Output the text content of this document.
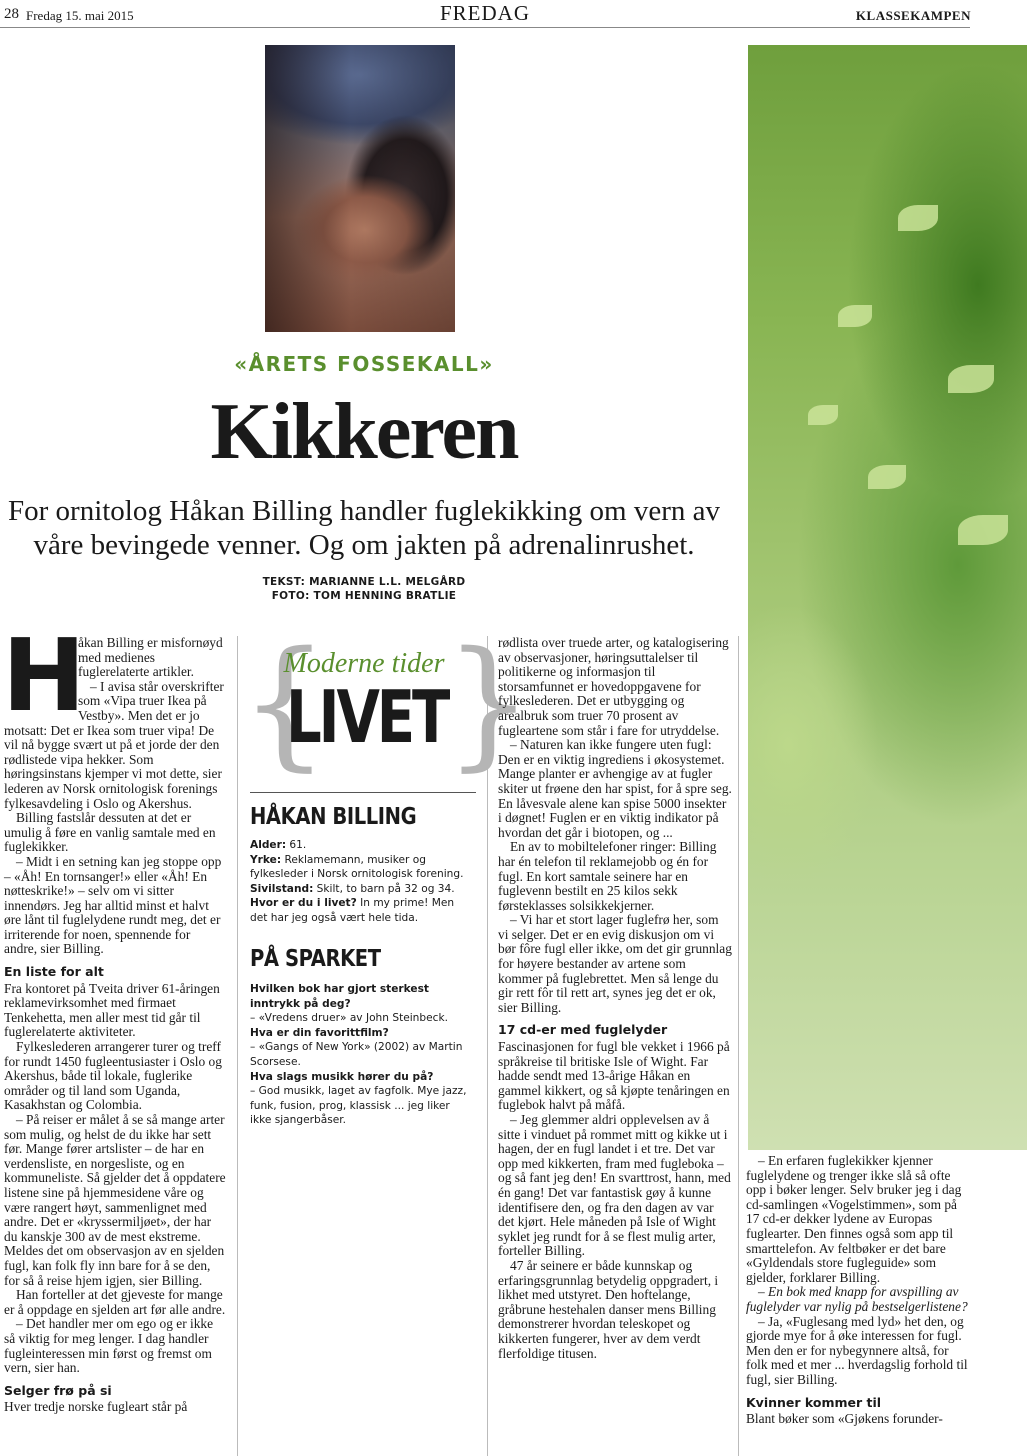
28 Fredag 15. mai 2015	FREDAG	KLASSEKAMPEN
«ÅRETS FOSSEKALL»
Kikkeren
For ornitolog Håkan Billing handler fuglekikking om vern av
våre bevingede venner. Og om jakten på adrenalinrushet.
TEKST: MARIANNE L.L. MELGÅRD
FOTO: TOM HENNING BRATLIE
H

åkan Billing er misfornøyd med medienes fuglerelaterte artikler.

– I avisa står overskrifter som «Vipa truer Ikea på Vestby». Men det er jo motsatt: Det er Ikea som truer vipa! De vil nå bygge svært ut på et jorde der den rødlistede vipa hekker. Som høringsinstans kjemper vi mot dette, sier lederen av Norsk ornitologisk forenings fylkesavdeling i Oslo og Akershus.

Billing fastslår dessuten at det er umulig å føre en vanlig samtale med en fuglekikker.

– Midt i en setning kan jeg stoppe opp – «Åh! En tornsanger!» eller «Åh! En nøtteskrike!» – selv om vi sitter innendørs. Jeg har alltid minst et halvt øre lånt til fuglelydene rundt meg, det er irriterende for noen, spennende for andre, sier Billing.

En liste for alt

Fra kontoret på Tveita driver 61-åringen reklamevirksomhet med firmaet Tenkehetta, men aller mest tid går til fuglerelaterte aktiviteter.

Fylkeslederen arrangerer turer og treff for rundt 1450 fugleentusiaster i Oslo og Akershus, både til lokale, fuglerike områder og til land som Uganda, Kasakhstan og Colombia.

– På reiser er målet å se så mange arter som mulig, og helst de du ikke har sett før. Mange fører artslister – de har en verdensliste, en norgesliste, og en kommuneliste. Så gjelder det å oppdatere listene sine på hjemmesidene våre og være rangert høyt, sammenlignet med andre. Det er «kryssermiljøet», der har du kanskje 300 av de mest ekstreme. Meldes det om observasjon av en sjelden fugl, kan folk fly inn bare for å se den, for så å reise hjem igjen, sier Billing.

Han forteller at det gjeveste for mange er å oppdage en sjelden art før alle andre.

– Det handler mer om ego og er ikke så viktig for meg lenger. I dag handler fugleinteressen min først og fremst om vern, sier han.

Selger frø på si

Hver tredje norske fugleart står på

{ }
Moderne tider
LIVET
HÅKAN BILLING
Alder: 61.
Yrke: Reklamemann, musiker og fylkesleder i Norsk ornitologisk forening.
Sivilstand: Skilt, to barn på 32 og 34.
Hvor er du i livet? In my prime! Men det har jeg også vært hele tida.
PÅ SPARKET
Hvilken bok har gjort sterkest inntrykk på deg?
– «Vredens druer» av John Steinbeck.
Hva er din favorittfilm?
– «Gangs of New York» (2002) av Martin Scorsese.
Hva slags musikk hører du på?
– God musikk, laget av fagfolk. Mye jazz, funk, fusion, prog, klassisk ... jeg liker ikke sjangerbåser.

rødlista over truede arter, og katalogisering av observasjoner, høringsuttalelser til politikerne og informasjon til storsamfunnet er hovedoppgavene for fylkeslederen. Det er utbygging og arealbruk som truer 70 prosent av fugleartene som står i fare for utryddelse.

– Naturen kan ikke fungere uten fugl: Den er en viktig ingrediens i økosystemet. Mange planter er avhengige av at fugler skiter ut frøene den har spist, for å spre seg. En låvesvale alene kan spise 5000 insekter i døgnet! Fuglen er en viktig indikator på hvordan det går i biotopen, og ...

En av to mobiltelefoner ringer: Billing har én telefon til reklamejobb og én for fugl. En kort samtale seinere har en fuglevenn bestilt en 25 kilos sekk førsteklasses solsikkekjerner.

– Vi har et stort lager fuglefrø her, som vi selger. Det er en evig diskusjon om vi bør fôre fugl eller ikke, om det gir grunnlag for høyere bestander av artene som kommer på fuglebrettet. Men så lenge du gir rett fôr til rett art, synes jeg det er ok, sier Billing.

17 cd-er med fuglelyder

Fascinasjonen for fugl ble vekket i 1966 på språkreise til britiske Isle of Wight. Far hadde sendt med 13-årige Håkan en gammel kikkert, og så kjøpte tenåringen en fuglebok halvt på måfå.

– Jeg glemmer aldri opplevelsen av å sitte i vinduet på rommet mitt og kikke ut i hagen, der en fugl landet i et tre. Det var opp med kikkerten, fram med fugleboka – og så fant jeg den! En svarttrost, hann, med én gang! Det var fantastisk gøy å kunne identifisere den, og fra den dagen av var det kjørt. Hele måneden på Isle of Wight syklet jeg rundt for å se flest mulig arter, forteller Billing.

47 år seinere er både kunnskap og erfaringsgrunnlag betydelig oppgradert, i likhet med utstyret. Den hoftelange, gråbrune hestehalen danser mens Billing demonstrerer hvordan teleskopet og kikkerten fungerer, hver av dem verdt flerfoldige titusen.

– En erfaren fuglekikker kjenner fuglelydene og trenger ikke slå så ofte opp i bøker lenger. Selv bruker jeg i dag cd-samlingen «Vogelstimmen», som på 17 cd-er dekker lydene av Europas fuglearter. Den finnes også som app til smarttelefon. Av feltbøker er det bare «Gyldendals store fugleguide» som gjelder, forklarer Billing.

– En bok med knapp for avspilling av fuglelyder var nylig på bestselgerlistene?

– Ja, «Fuglesang med lyd» het den, og gjorde mye for å øke interessen for fugl. Men den er for nybegynnere altså, for folk med et mer ... hverdagslig forhold til fugl, sier Billing.

Kvinner kommer til

Blant bøker som «Gjøkens forunder-
